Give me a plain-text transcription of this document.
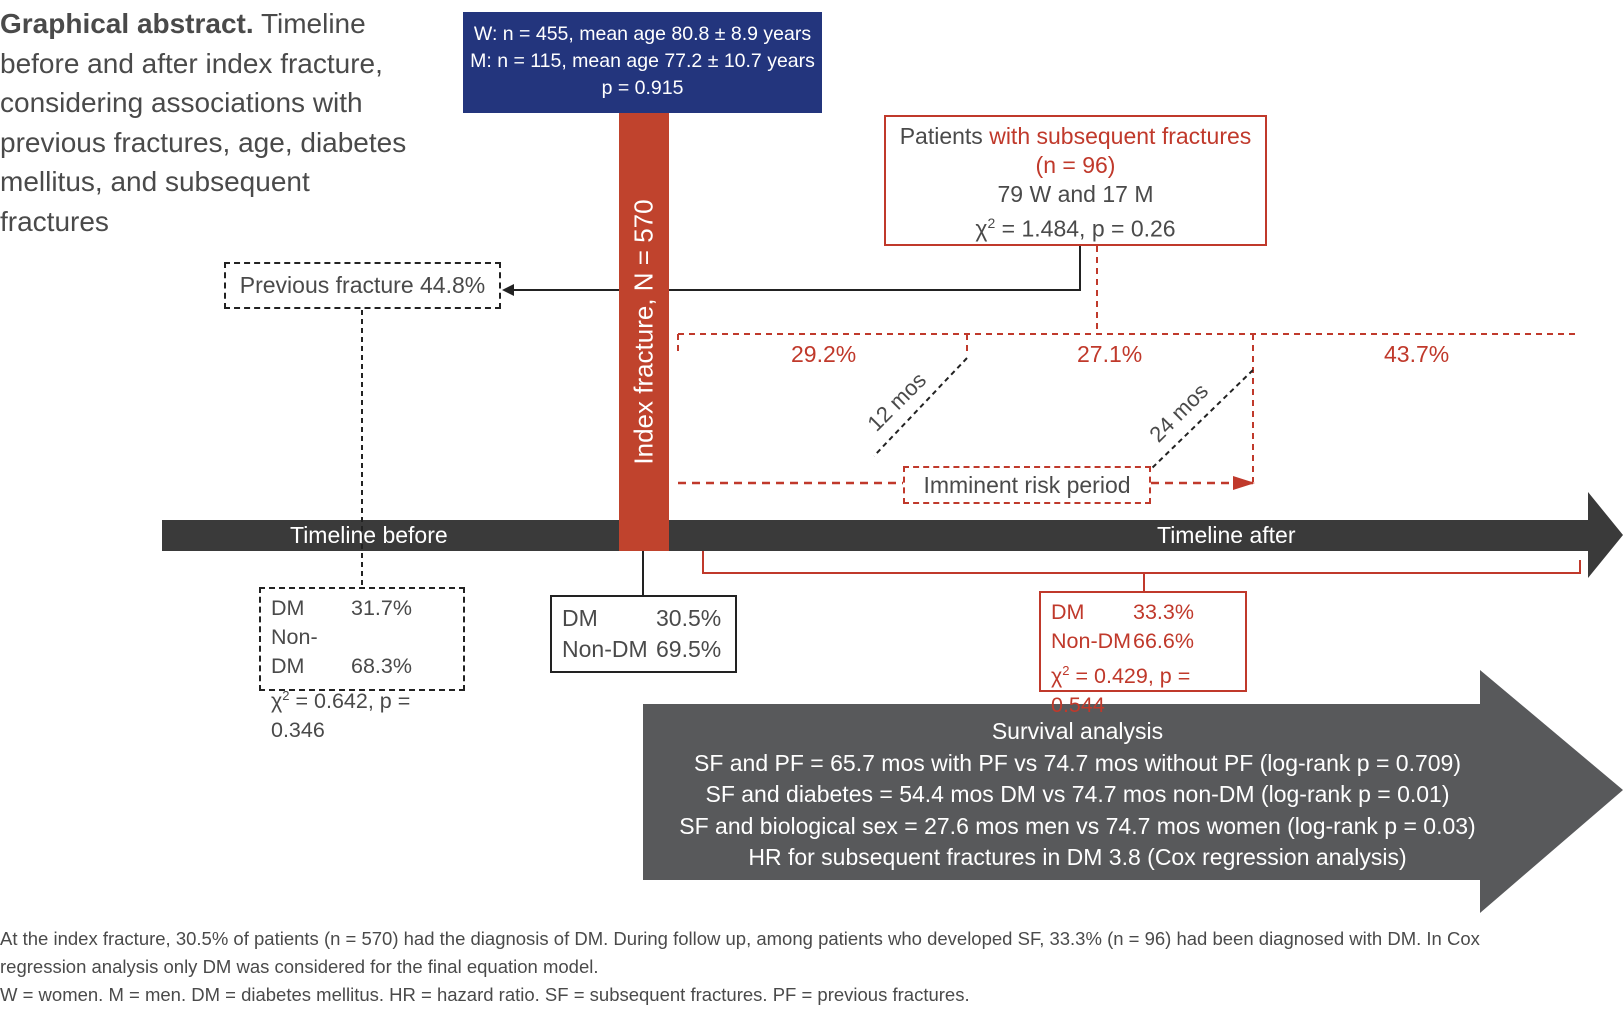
Graphical abstract. Timeline
before and after index fracture,
considering associations with
previous fractures, age, diabetes
mellitus, and subsequent
fractures
W: n = 455, mean age 80.8 ± 8.9 years
M: n = 115, mean age 77.2 ± 10.7 years
p = 0.915
Index fracture, N = 570
Patients with subsequent fractures
(n = 96)
79 W and 17 M
$\chi^2 = 1.484$, p = 0.26
Previous fracture 44.8%
29.2%	27.1%	43.7%
12 mos	24 mos
Imminent risk period
Timeline before	Timeline after
DM 31.7%
Non-DM 68.3%
$\chi^2 = 0.642$, p = 0.346
DM	30.5%
Non-DM 69.5%
DM 33.3%
Non-DM66.6%
$\chi^2 = 0.429$, p = 0.544
Survival analysis
SF and PF = 65.7 mos with PF vs 74.7 mos without PF (log-rank p = 0.709)
SF and diabetes = 54.4 mos DM vs 74.7 mos non-DM (log-rank p = 0.01)
SF and biological sex = 27.6 mos men vs 74.7 mos women (log-rank p = 0.03)
HR for subsequent fractures in DM 3.8 (Cox regression analysis)

At the index fracture, 30.5% of patients (n = 570) had the diagnosis of DM. During follow up, among patients who developed SF, 33.3% (n = 96) had been diagnosed with DM. In Cox

regression analysis only DM was considered for the final equation model.

W = women. M = men. DM = diabetes mellitus. HR = hazard ratio. SF = subsequent fractures. PF = previous fractures.
